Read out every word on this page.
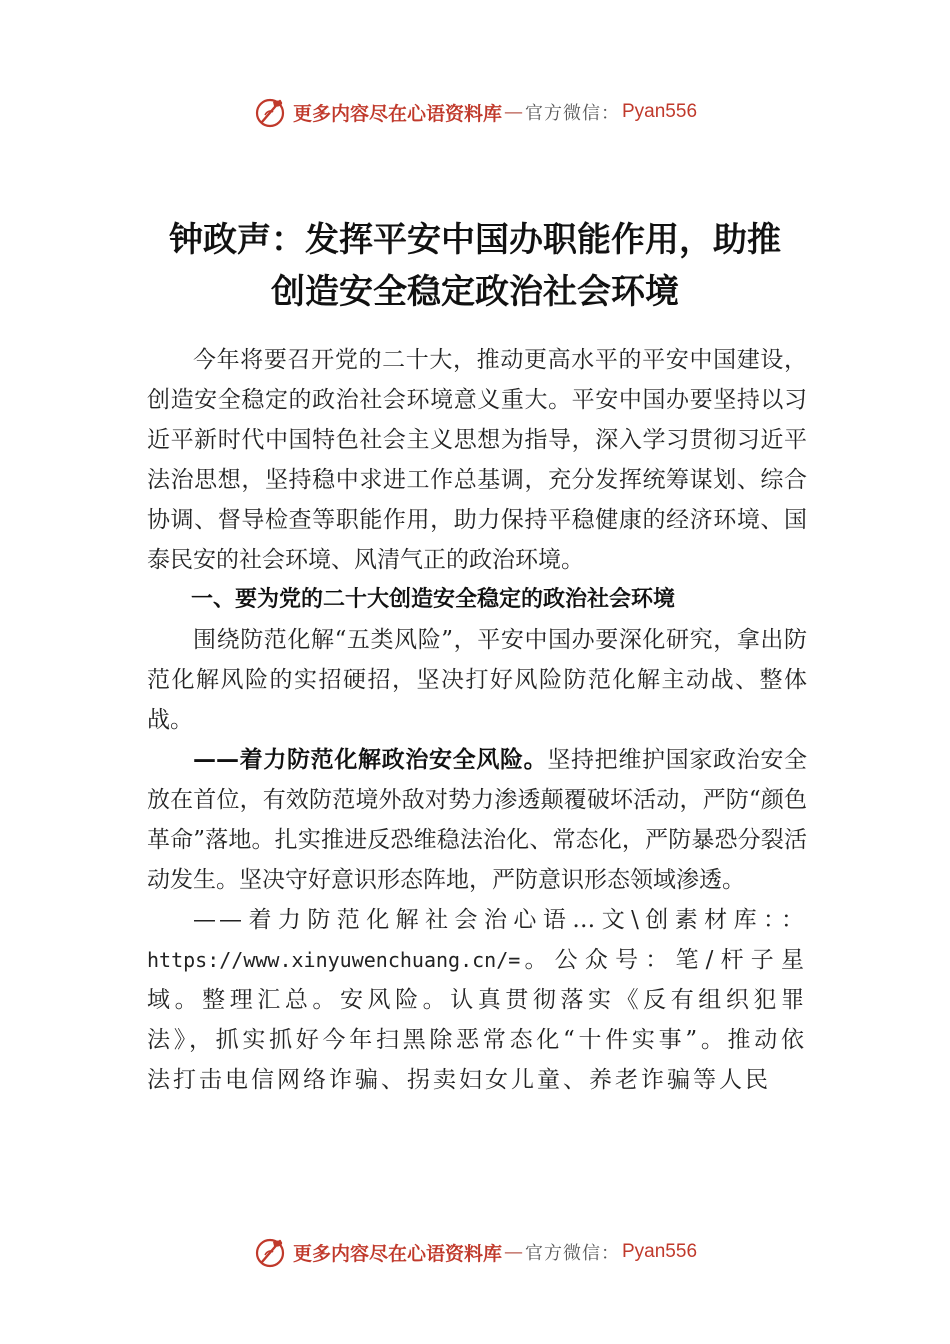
更多内容尽在心语资料库 — 官方微信： Pyan556
钟政声：发挥平安中国办职能作用，助推
创造安全稳定政治社会环境

今年将要召开党的二十大，推动更高水平的平安中国建设，创造安全稳定的政治社会环境意义重大。平安中国办要坚持以习近平新时代中国特色社会主义思想为指导，深入学习贯彻习近平法治思想，坚持稳中求进工作总基调，充分发挥统筹谋划、综合协调、督导检查等职能作用，助力保持平稳健康的经济环境、国泰民安的社会环境、风清气正的政治环境。

一、要为党的二十大创造安全稳定的政治社会环境

围绕防范化解“五类风险”，平安中国办要深化研究，拿出防范化解风险的实招硬招，坚决打好风险防范化解主动战、整体战。

——着力防范化解政治安全风险。坚持把维护国家政治安全放在首位，有效防范境外敌对势力渗透颠覆破坏活动，严防“颜色革命”落地。扎实推进反恐维稳法治化、常态化，严防暴恐分裂活动发生。坚决守好意识形态阵地，严防意识形态领域渗透。

——着力防范化解社会治心语…文\创素材库：：https://www.xinyuwenchuang.cn/=。公众号：笔/杆子星域。整理汇总。安风险。认真贯彻落实《反有组织犯罪法》，抓实抓好今年扫黑除恶常态化“十件实事”。推动依法打击电信网络诈骗、拐卖妇女儿童、养老诈骗等人民

更多内容尽在心语资料库 — 官方微信： Pyan556
